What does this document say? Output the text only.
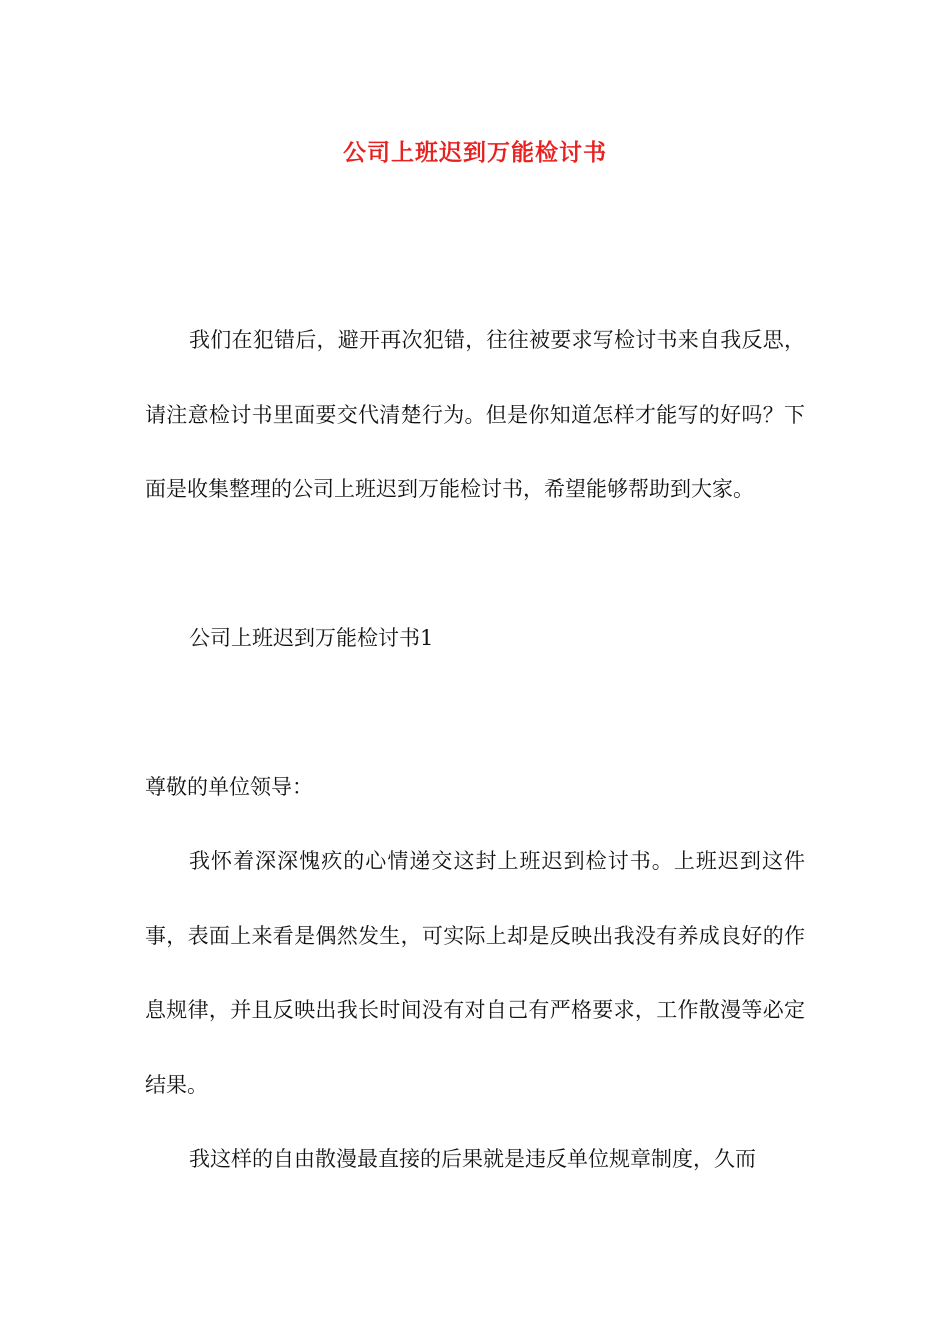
公司上班迟到万能检讨书

我们在犯错后，避开再次犯错，往往被要求写检讨书来自我反思，请注意检讨书里面要交代清楚行为。但是你知道怎样才能写的好吗？下面是收集整理的公司上班迟到万能检讨书，希望能够帮助到大家。

公司上班迟到万能检讨书1

尊敬的单位领导：

我怀着深深愧疚的心情递交这封上班迟到检讨书。上班迟到这件事，表面上来看是偶然发生，可实际上却是反映出我没有养成良好的作息规律，并且反映出我长时间没有对自己有严格要求，工作散漫等必定结果。

我这样的自由散漫最直接的后果就是违反单位规章制度，久而
